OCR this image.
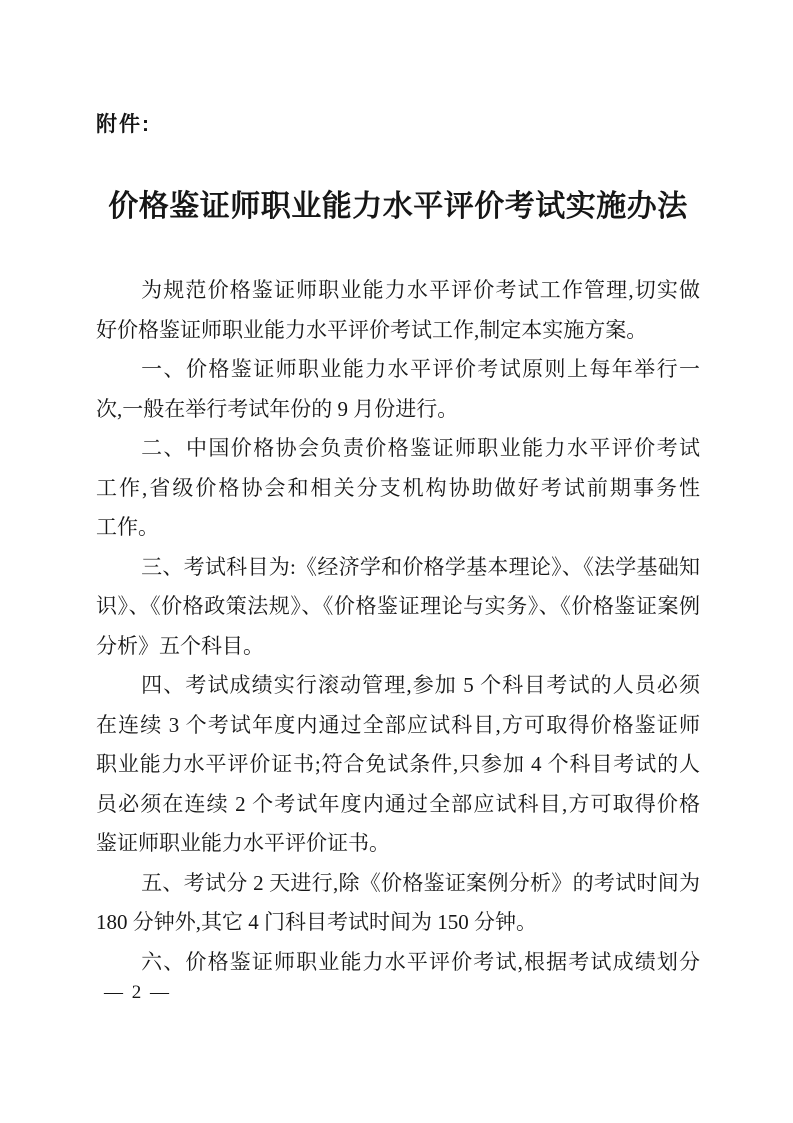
附件:
价格鉴证师职业能力水平评价考试实施办法
为规范价格鉴证师职业能力水平评价考试工作管理,切实做
好价格鉴证师职业能力水平评价考试工作,制定本实施方案。
一、价格鉴证师职业能力水平评价考试原则上每年举行一
次,一般在举行考试年份的 9 月份进行。
二、中国价格协会负责价格鉴证师职业能力水平评价考试
工作,省级价格协会和相关分支机构协助做好考试前期事务性
工作。
三、考试科目为:《经济学和价格学基本理论》、《法学基础知
识》、《价格政策法规》、《价格鉴证理论与实务》、《价格鉴证案例
分析》五个科目。
四、考试成绩实行滚动管理,参加 5 个科目考试的人员必须
在连续 3 个考试年度内通过全部应试科目,方可取得价格鉴证师
职业能力水平评价证书;符合免试条件,只参加 4 个科目考试的人
员必须在连续 2 个考试年度内通过全部应试科目,方可取得价格
鉴证师职业能力水平评价证书。
五、考试分 2 天进行,除《价格鉴证案例分析》的考试时间为
180 分钟外,其它 4 门科目考试时间为 150 分钟。
六、价格鉴证师职业能力水平评价考试,根据考试成绩划分
— 2 —
